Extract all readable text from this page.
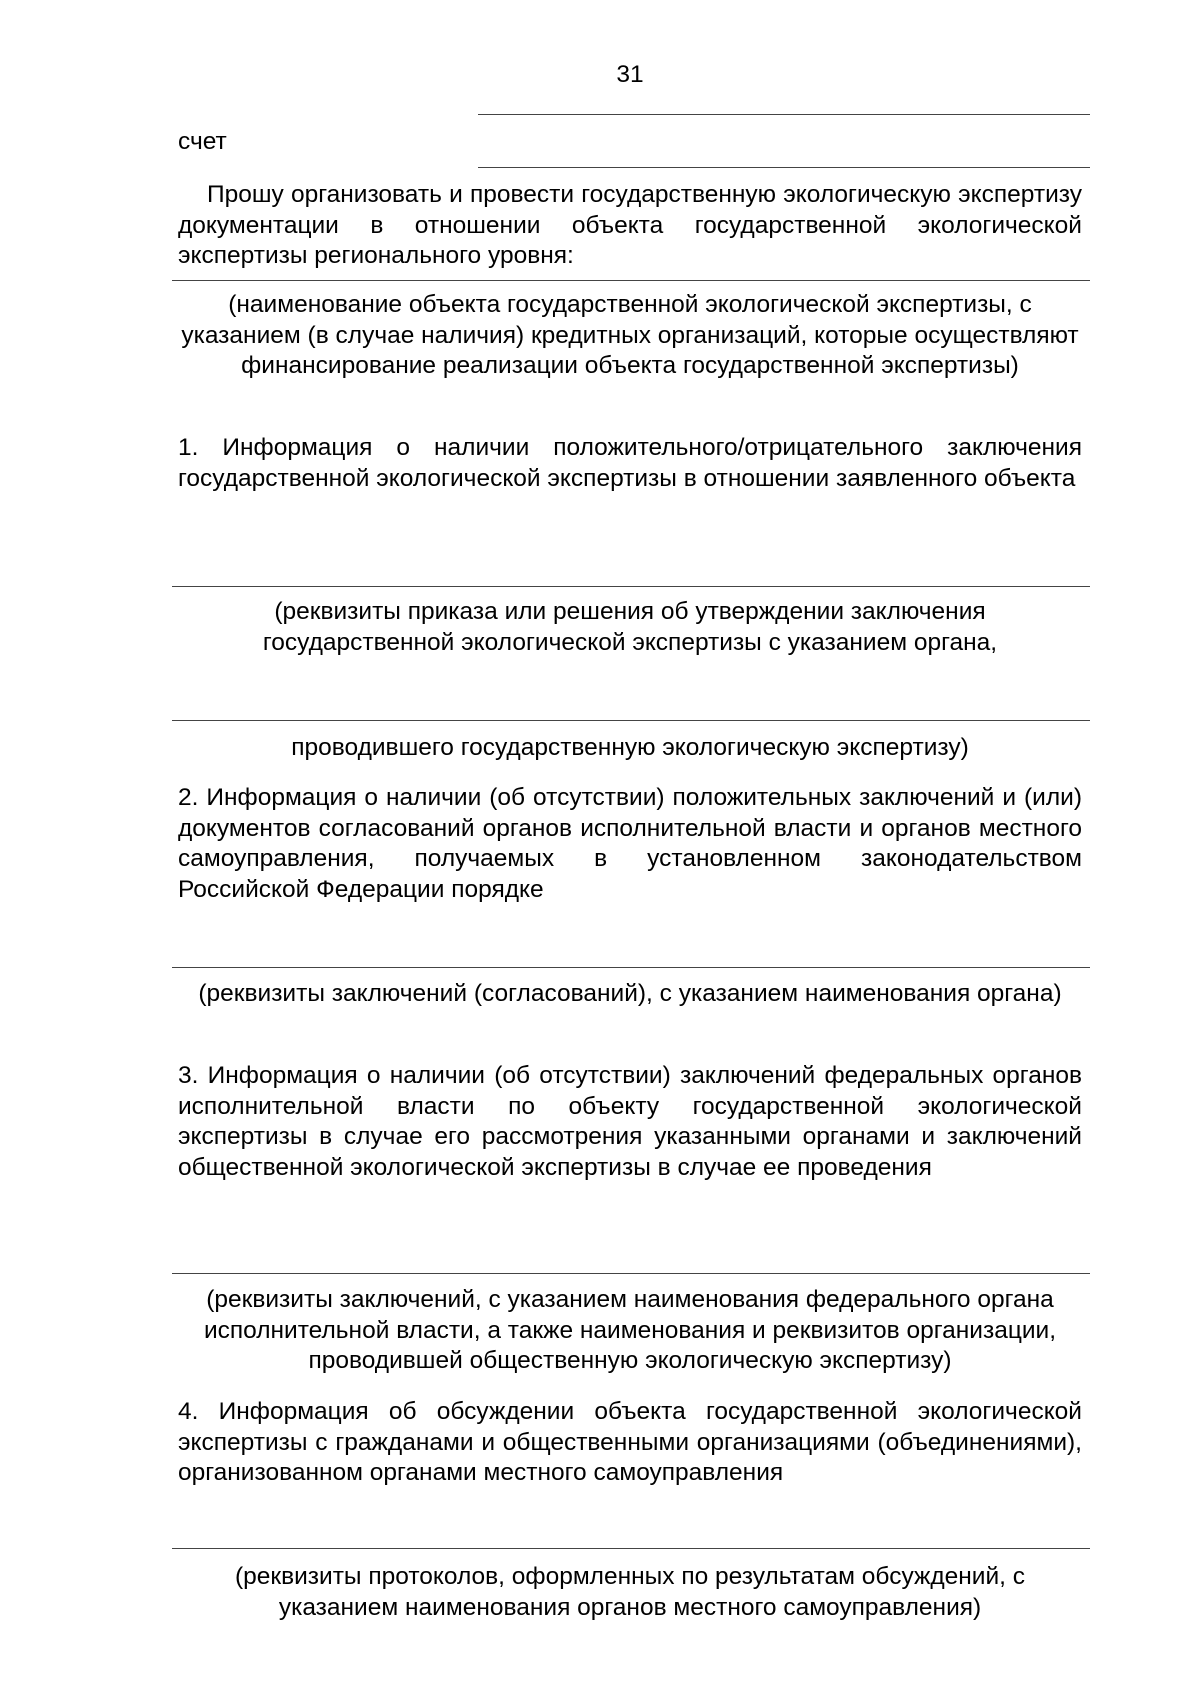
31
счет

Прошу организовать и провести государственную экологическую экспертизу документации в отношении объекта государственной экологической экспертизы регионального уровня:

(наименование объекта государственной экологической экспертизы, с указанием (в случае наличия) кредитных организаций, которые осуществляют финансирование реализации объекта государственной экспертизы)

1. Информация о наличии положительного/отрицательного заключения государственной экологической экспертизы в отношении заявленного объекта

(реквизиты приказа или решения об утверждении заключения государственной экологической экспертизы с указанием органа,

проводившего государственную экологическую экспертизу)

2. Информация о наличии (об отсутствии) положительных заключений и (или) документов согласований органов исполнительной власти и органов местного самоуправления, получаемых в установленном законодательством Российской Федерации порядке

(реквизиты заключений (согласований), с указанием наименования органа)

3. Информация о наличии (об отсутствии) заключений федеральных органов исполнительной власти по объекту государственной экологической экспертизы в случае его рассмотрения указанными органами и заключений общественной экологической экспертизы в случае ее проведения

(реквизиты заключений, с указанием наименования федерального органа исполнительной власти, а также наименования и реквизитов организации, проводившей общественную экологическую экспертизу)

4. Информация об обсуждении объекта государственной экологической экспертизы с гражданами и общественными организациями (объединениями), организованном органами местного самоуправления

(реквизиты протоколов, оформленных по результатам обсуждений, с указанием наименования органов местного самоуправления)
